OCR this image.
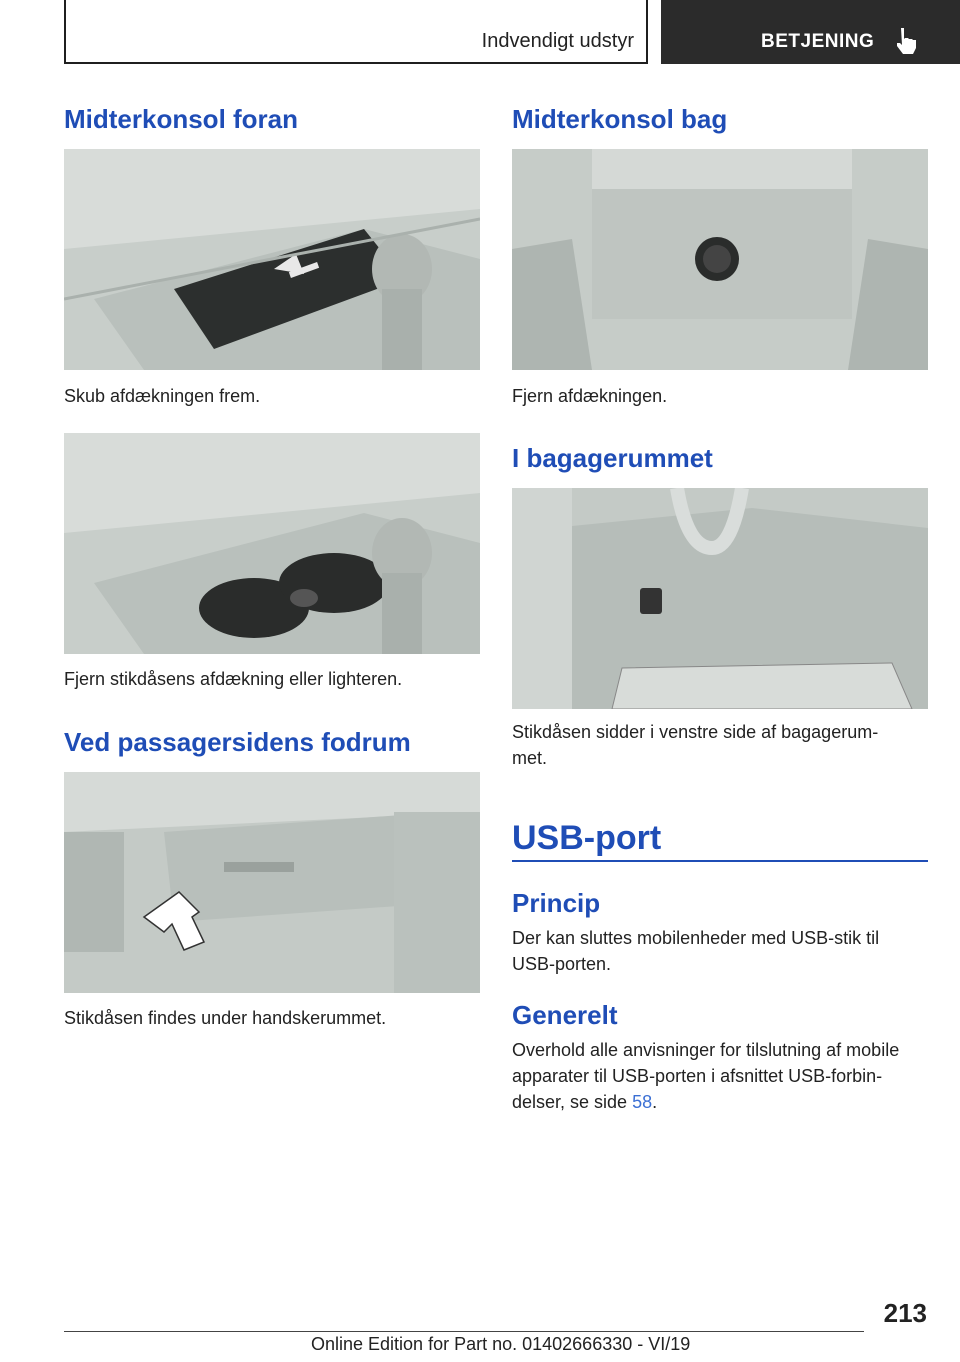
Indvendigt udstyr	BETJENING
Midterkonsol foran

Skub afdækningen frem.

Fjern stikdåsens afdækning eller lighteren.

Ved passagersidens fodrum

Stikdåsen findes under handskerummet.

Midterkonsol bag

Fjern afdækningen.

I bagagerummet

Stikdåsen sidder i venstre side af bagagerum-
met.

USB-port
Princip

Der kan sluttes mobilenheder med USB-stik til
USB-porten.

Generelt

Overhold alle anvisninger for tilslutning af mobile
apparater til USB-porten i afsnittet USB-forbin-
delser, se side 58.

213
Online Edition for Part no. 01402666330 - VI/19
